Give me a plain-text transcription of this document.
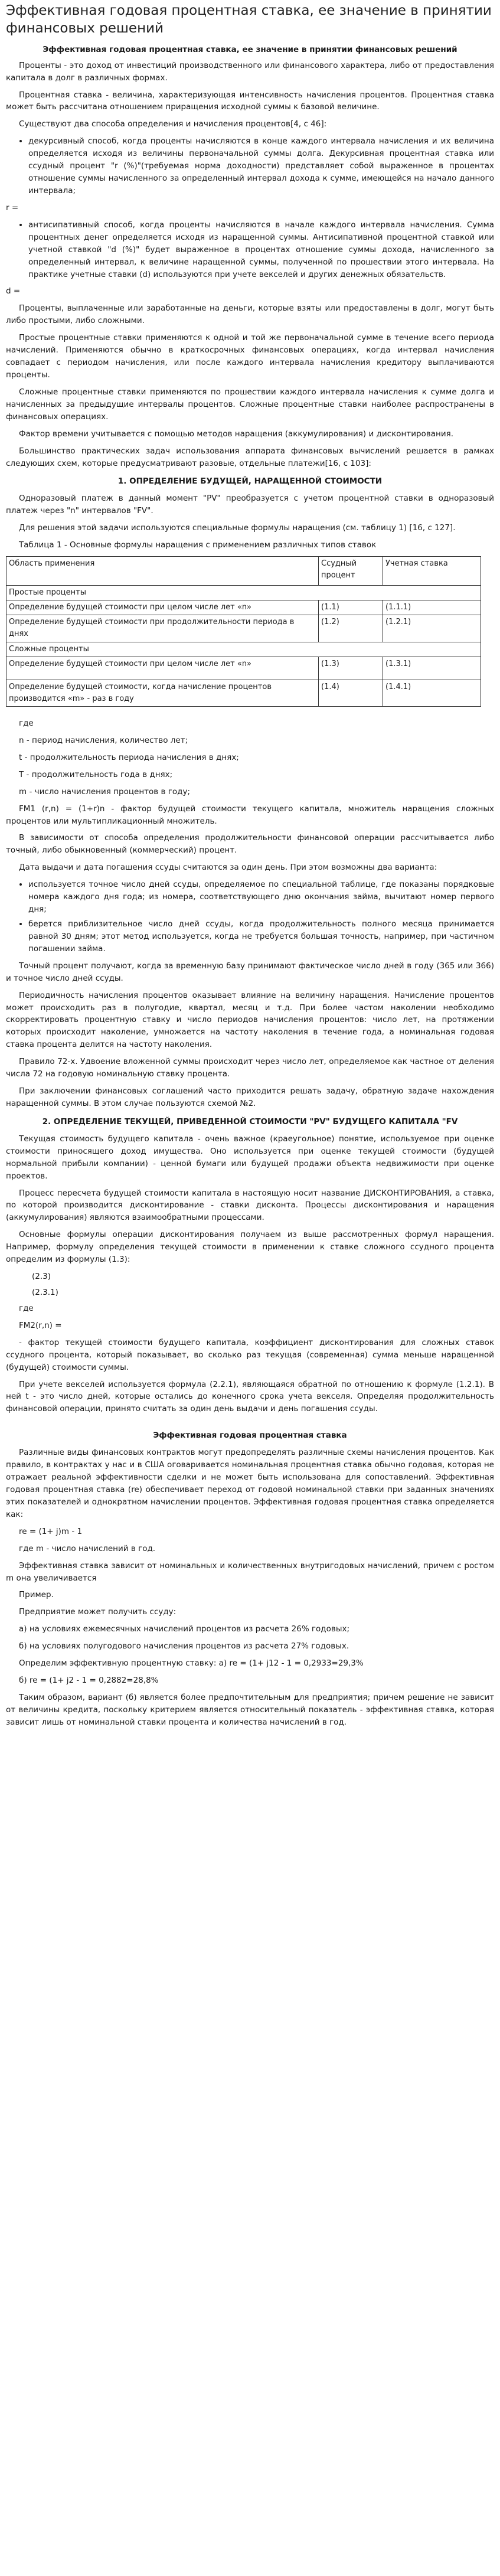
Эффективная годовая процентная ставка, ее значение в принятии финансовых решений
Эффективная годовая процентная ставка, ее значение в принятии финансовых решений

Проценты - это доход от инвестиций производственного или финансового характера, либо от предоставления капитала в долг в различных формах.

Процентная ставка - величина, характеризующая интенсивность начисления процентов. Процентная ставка может быть рассчитана отношением приращения исходной суммы к базовой величине.

Существуют два способа определения и начисления процентов[4, с 46]:

• декурсивный способ, когда проценты начисляются в конце каждого интервала начисления и их величина определяется исходя из величины первоначальной суммы долга. Декурсивная процентная ставка или ссудный процент "r (%)"(требуемая норма доходности) представляет собой выраженное в процентах отношение суммы начисленного за определенный интервал дохода к сумме, имеющейся на начало данного интервала;

r =

• антисипативный способ, когда проценты начисляются в начале каждого интервала начисления. Сумма процентных денег определяется исходя из наращенной суммы. Антисипативной процентной ставкой или учетной ставкой "d (%)" будет выраженное в процентах отношение суммы дохода, начисленного за определенный интервал, к величине наращенной суммы, полученной по прошествии этого интервала. На практике учетные ставки (d) используются при учете векселей и других денежных обязательств.

d =

Проценты, выплаченные или заработанные на деньги, которые взяты или предоставлены в долг, могут быть либо простыми, либо сложными.

Простые процентные ставки применяются к одной и той же первоначальной сумме в течение всего периода начислений. Применяются обычно в краткосрочных финансовых операциях, когда интервал начисления совпадает с периодом начисления, или после каждого интервала начисления кредитору выплачиваются проценты.

Сложные процентные ставки применяются по прошествии каждого интервала начисления к сумме долга и начисленных за предыдущие интервалы процентов. Сложные процентные ставки наиболее распространены в финансовых операциях.

Фактор времени учитывается с помощью методов наращения (аккумулирования) и дисконтирования.

Большинство практических задач использования аппарата финансовых вычислений решается в рамках следующих схем, которые предусматривают разовые, отдельные платежи[16, с 103]:

1. ОПРЕДЕЛЕНИЕ БУДУЩЕЙ, НАРАЩЕННОЙ СТОИМОСТИ

Одноразовый платеж в данный момент "PV" преобразуется с учетом процентной ставки в одноразовый платеж через "n" интервалов "FV".

Для решения этой задачи используются специальные формулы наращения (см. таблицу 1) [16, с 127].

Таблица 1 - Основные формулы наращения с применением различных типов ставок

Область применения	Ссудный процент	Учетная ставка
Простые проценты		
Определение будущей стоимости при целом числе лет «n»	(1.1)	(1.1.1)
Определение будущей стоимости при продолжительности периода в днях	(1.2)	(1.2.1)
Сложные проценты		
Определение будущей стоимости при целом числе лет «n»	(1.3)	(1.3.1)
Определение будущей стоимости, когда начисление процентов производится «m» - раз в году	(1.4)	(1.4.1)

где

n - период начисления, количество лет;

t - продолжительность периода начисления в днях;

T - продолжительность года в днях;

m - число начисления процентов в году;

FM1 (r,n) = (1+r)n - фактор будущей стоимости текущего капитала, множитель наращения сложных процентов или мультипликационный множитель.

В зависимости от способа определения продолжительности финансовой операции рассчитывается либо точный, либо обыкновенный (коммерческий) процент.

Дата выдачи и дата погашения ссуды считаются за один день. При этом возможны два варианта:

• используется точное число дней ссуды, определяемое по специальной таблице, где показаны порядковые номера каждого дня года; из номера, соответствующего дню окончания займа, вычитают номер первого дня;
• берется приблизительное число дней ссуды, когда продолжительность полного месяца принимается равной 30 дням; этот метод используется, когда не требуется большая точность, например, при частичном погашении займа.

Точный процент получают, когда за временную базу принимают фактическое число дней в году (365 или 366) и точное число дней ссуды.

Периодичность начисления процентов оказывает влияние на величину наращения. Начисление процентов может происходить раз в полугодие, квартал, месяц и т.д. При более частом наколении необходимо скорректировать процентную ставку и число периодов начисления процентов: число лет, на протяжении которых происходит наколение, умножается на частоту наколения в течение года, а номинальная годовая ставка процента делится на частоту наколения.

Правило 72-х. Удвоение вложенной суммы происходит через число лет, определяемое как частное от деления числа 72 на годовую номинальную ставку процента.

При заключении финансовых соглашений часто приходится решать задачу, обратную задаче нахождения наращенной суммы. В этом случае пользуются схемой №2.

2. ОПРЕДЕЛЕНИЕ ТЕКУЩЕЙ, ПРИВЕДЕННОЙ СТОИМОСТИ "PV" БУДУЩЕГО КАПИТАЛА "FV

Текущая стоимость будущего капитала - очень важное (краеугольное) понятие, используемое при оценке стоимости приносящего доход имущества. Оно используется при оценке текущей стоимости (будущей нормальной прибыли компании) - ценной бумаги или будущей продажи объекта недвижимости при оценке проектов.

Процесс пересчета будущей стоимости капитала в настоящую носит название ДИСКОНТИРОВАНИЯ, а ставка, по которой производится дисконтирование - ставки дисконта. Процессы дисконтирования и наращения (аккумулирования) являются взаимообратными процессами.

Основные формулы операции дисконтирования получаем из выше рассмотренных формул наращения. Например, формулу определения текущей стоимости в применении к ставке сложного ссудного процента определим из формулы (1.3):

(2.3)
(2.3.1)

где

FM2(r,n) =

- фактор текущей стоимости будущего капитала, коэффициент дисконтирования для сложных ставок ссудного процента, который показывает, во сколько раз текущая (современная) сумма меньше наращенной (будущей) стоимости суммы.

При учете векселей используется формула (2.2.1), являющаяся обратной по отношению к формуле (1.2.1). В ней t - это число дней, которые остались до конечного срока учета векселя. Определяя продолжительность финансовой операции, принято считать за один день выдачи и день погашения ссуды.

Эффективная годовая процентная ставка

Различные виды финансовых контрактов могут предопределять различные схемы начисления процентов. Как правило, в контрактах у нас и в США оговаривается номинальная процентная ставка обычно годовая, которая не отражает реальной эффективности сделки и не может быть использована для сопоставлений. Эффективная годовая процентная ставка (re) обеспечивает переход от годовой номинальной ставки при заданных значениях этих показателей и однократном начислении процентов. Эффективная годовая процентная ставка определяется как:

re = (1+ j)m - 1

где m - число начислений в год.

Эффективная ставка зависит от номинальных и количественных внутригодовых начислений, причем с ростом m она увеличивается

Пример.

Предприятие может получить ссуду:

а) на условиях ежемесячных начислений процентов из расчета 26% годовых;

б) на условиях полугодового начисления процентов из расчета 27% годовых.

Определим эффективную процентную ставку: а) re = (1+ j12 - 1 = 0,2933=29,3%

б) re = (1+ j2 - 1 = 0,2882=28,8%

Таким образом, вариант (б) является более предпочтительным для предприятия; причем решение не зависит от величины кредита, поскольку критерием является относительный показатель - эффективная ставка, которая зависит лишь от номинальной ставки процента и количества начислений в год.
